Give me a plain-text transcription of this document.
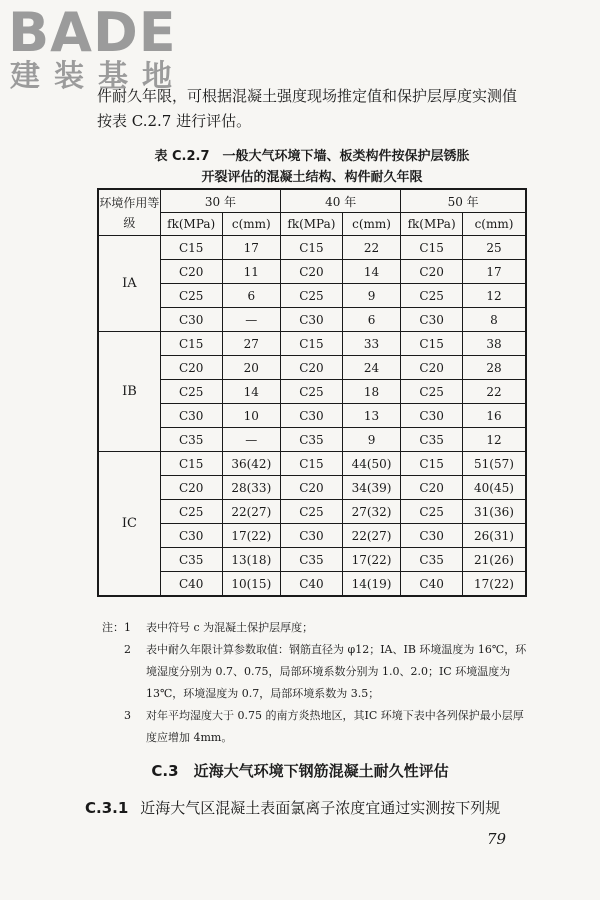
BADE
建装基地
件耐久年限，可根据混凝土强度现场推定值和保护层厚度实测值按表 C.2.7 进行评估。
表 C.2.7　一般大气环境下墙、板类构件按保护层锈胀
开裂评估的混凝土结构、构件耐久年限
环境作用等级	30 年		40 年		50 年	
	fk(MPa)	c(mm)	fk(MPa)	c(mm)	fk(MPa)	c(mm)
ⅠA	C15	17	C15	22	C15	25
	C20	11	C20	14	C20	17
	C25	6	C25	9	C25	12
	C30	—	C30	6	C30	8
ⅠB	C15	27	C15	33	C15	38
	C20	20	C20	24	C20	28
	C25	14	C25	18	C25	22
	C30	10	C30	13	C30	16
	C35	—	C35	9	C35	12
ⅠC	C15	36(42)	C15	44(50)	C15	51(57)
	C20	28(33)	C20	34(39)	C20	40(45)
	C25	22(27)	C25	27(32)	C25	31(36)
	C30	17(22)	C30	22(27)	C30	26(31)
	C35	13(18)	C35	17(22)	C35	21(26)
	C40	10(15)	C40	14(19)	C40	17(22)
注： 1	表中符号 c 为混凝土保护层厚度；
2	表中耐久年限计算参数取值：钢筋直径为 φ12；ⅠA、ⅠB 环境温度为 16℃，环境湿度分别为 0.7、0.75，局部环境系数分别为 1.0、2.0；ⅠC 环境温度为 13℃，环境湿度为 0.7，局部环境系数为 3.5；
3	对年平均湿度大于 0.75 的南方炎热地区，其ⅠC 环境下表中各列保护最小层厚度应增加 4mm。
C.3　近海大气环境下钢筋混凝土耐久性评估
C.3.1 近海大气区混凝土表面氯离子浓度宜通过实测按下列规
79
